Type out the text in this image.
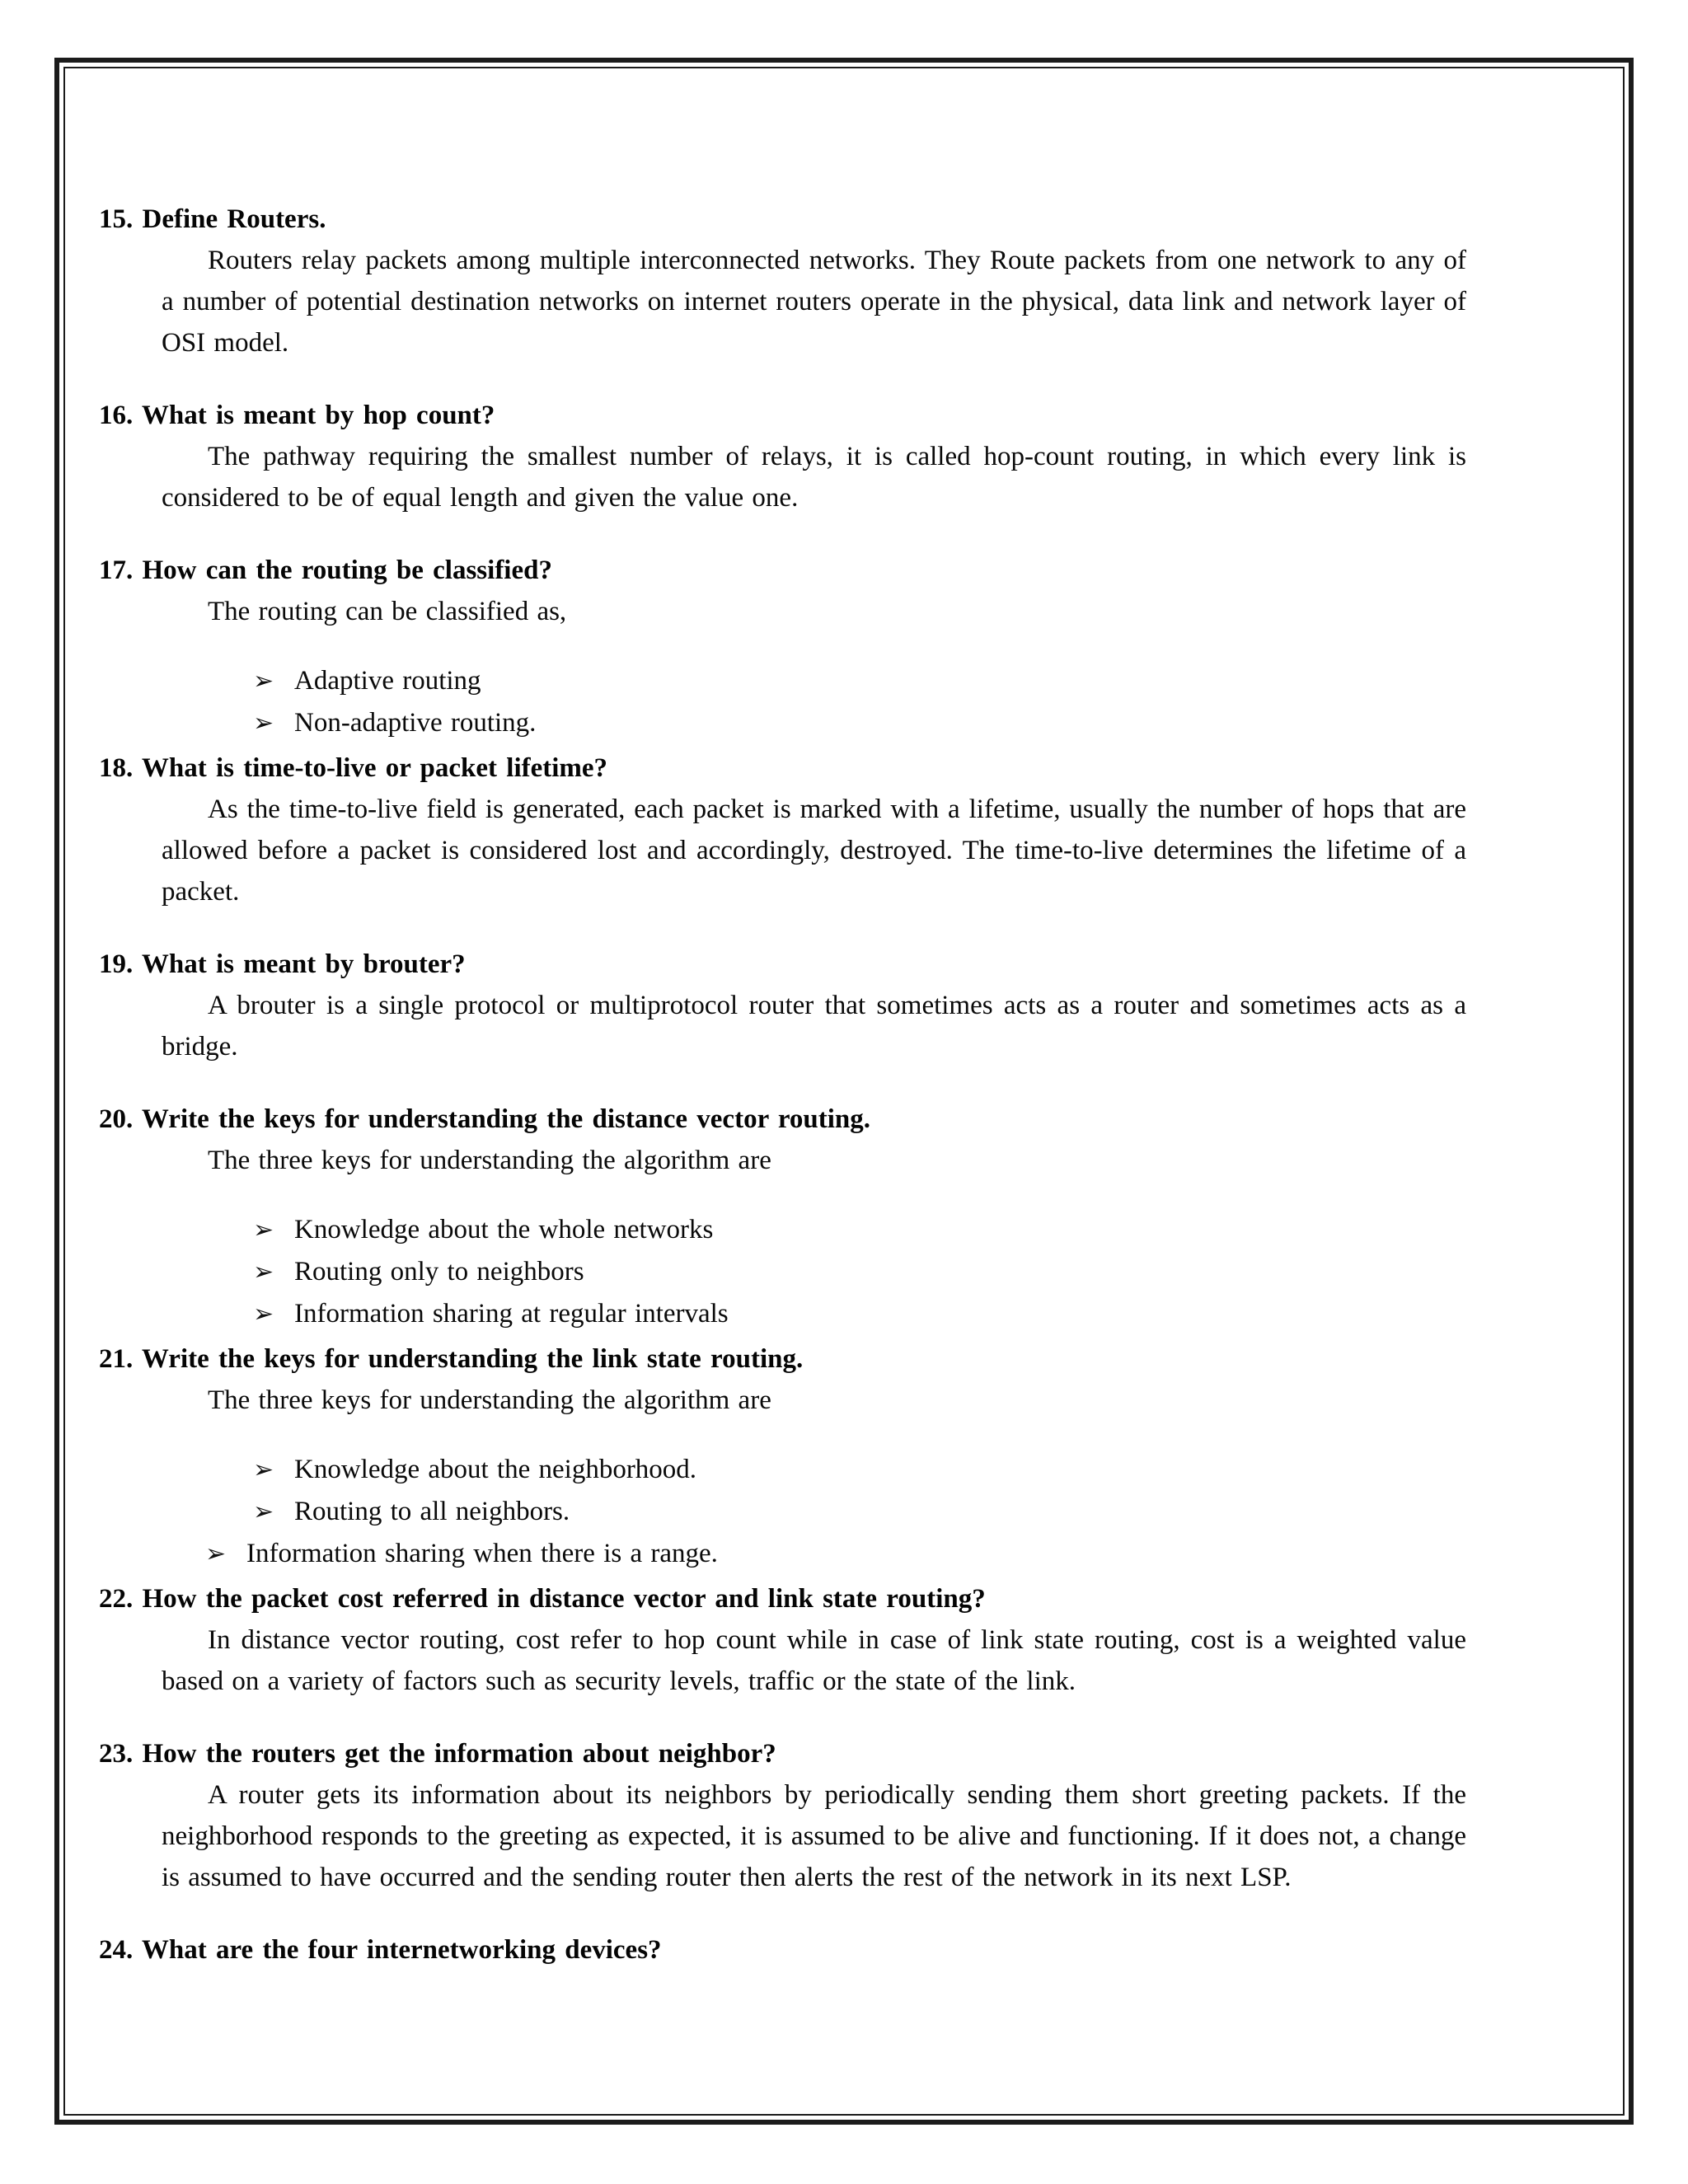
15. Define Routers.

Routers relay packets among multiple interconnected networks. They Route packets from one network to any of a number of potential destination networks on internet routers operate in the physical, data link and network layer of OSI model.

16. What is meant by hop count?

The pathway requiring the smallest number of relays, it is called hop-count routing, in which every link is considered to be of equal length and given the value one.

17. How can the routing be classified?

The routing can be classified as,

➢ Adaptive routing
➢ Non-adaptive routing.
18. What is time-to-live or packet lifetime?

As the time-to-live field is generated, each packet is marked with a lifetime, usually the number of hops that are allowed before a packet is considered lost and accordingly, destroyed. The time-to-live determines the lifetime of a packet.

19. What is meant by brouter?

A brouter is a single protocol or multiprotocol router that sometimes acts as a router and sometimes acts as a bridge.

20. Write the keys for understanding the distance vector routing.

The three keys for understanding the algorithm are

➢ Knowledge about the whole networks
➢ Routing only to neighbors
➢ Information sharing at regular intervals
21. Write the keys for understanding the link state routing.

The three keys for understanding the algorithm are

➢ Knowledge about the neighborhood.
➢ Routing to all neighbors.
➢ Information sharing when there is a range.
22. How the packet cost referred in distance vector and link state routing?

In distance vector routing, cost refer to hop count while in case of link state routing, cost is a weighted value based on a variety of factors such as security levels, traffic or the state of the link.

23. How the routers get the information about neighbor?

A router gets its information about its neighbors by periodically sending them short greeting packets. If the neighborhood responds to the greeting as expected, it is assumed to be alive and functioning. If it does not, a change is assumed to have occurred and the sending router then alerts the rest of the network in its next LSP.

24. What are the four internetworking devices?
